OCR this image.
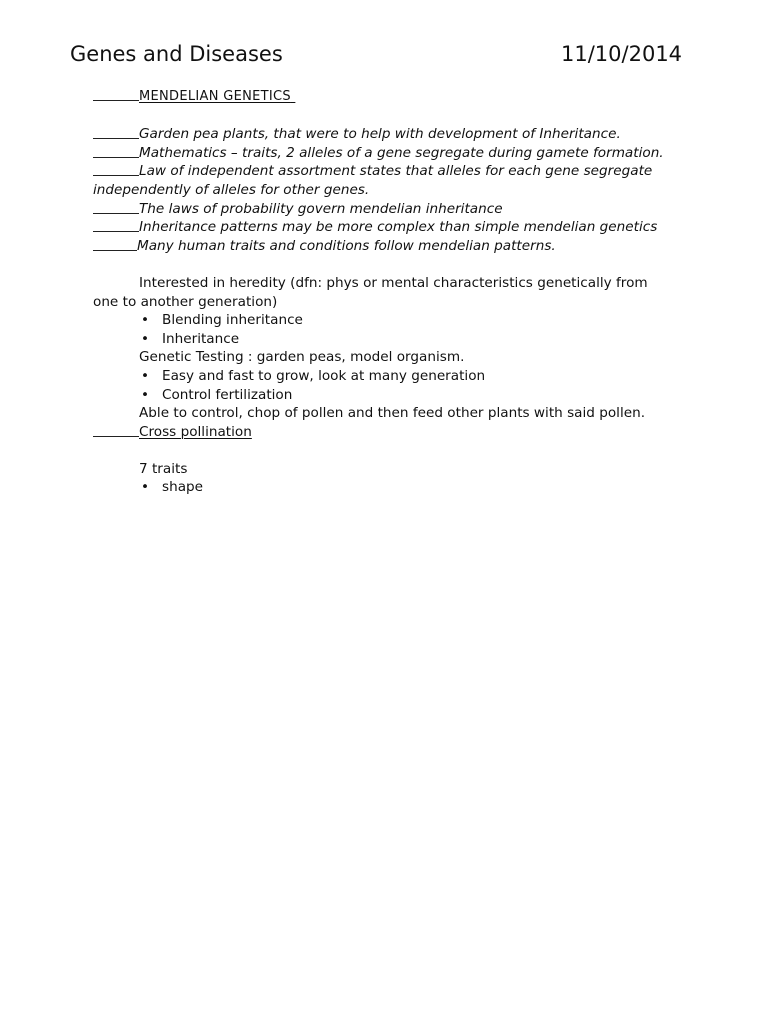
Genes and Diseases	11/10/2014
MENDELIAN GENETICS

Garden pea plants, that were to help with development of Inheritance.

Mathematics – traits, 2 alleles of a gene segregate during gamete formation.

Law of independent assortment states that alleles for each gene segregate independently of alleles for other genes.

The laws of probability govern mendelian inheritance

Inheritance patterns may be more complex than simple mendelian genetics

Many human traits and conditions follow mendelian patterns.

Interested in heredity (dfn: phys or mental characteristics genetically from one to another generation)

• Blending inheritance
• Inheritance

Genetic Testing : garden peas, model organism.

• Easy and fast to grow, look at many generation
• Control fertilization

Able to control, chop of pollen and then feed other plants with said pollen.

Cross pollination

7 traits

• shape
